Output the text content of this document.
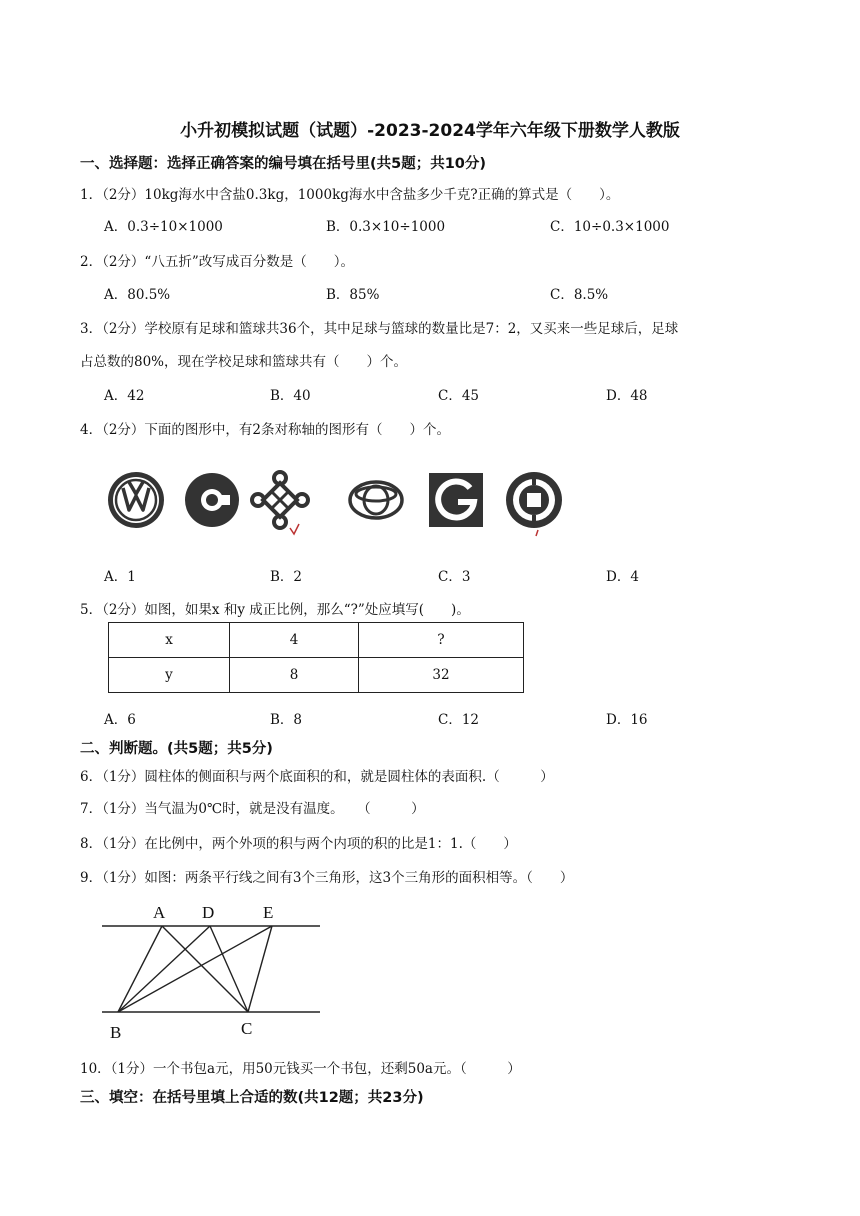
小升初模拟试题（试题）-2023-2024学年六年级下册数学人教版
一、选择题：选择正确答案的编号填在括号里(共5题；共10分)
1．（2分）10kg海水中含盐0.3kg，1000kg海水中含盐多少千克?正确的算式是（　　）。
A．0.3÷10×1000	B．0.3×10÷1000	C．10÷0.3×1000
2．（2分）“八五折”改写成百分数是（　　）。
A．80.5%	B．85%	C．8.5%
3．（2分）学校原有足球和篮球共36个，其中足球与篮球的数量比是7：2，又买来一些足球后，足球
占总数的80%，现在学校足球和篮球共有（　　）个。
A．42	B．40	C．45	D．48
4．（2分）下面的图形中，有2条对称轴的图形有（　　）个。
A．1	B．2	C．3	D．4
5．（2分）如图，如果x 和y 成正比例，那么“?”处应填写(　　)。
x	4	?
y	8	32
A．6	B．8	C．12	D．16
二、判断题。(共5题；共5分)
6．（1分）圆柱体的侧面积与两个底面积的和，就是圆柱体的表面积.（　　　）
7．（1分）当气温为0℃时，就是没有温度。　　（　　　）
8．（1分）在比例中，两个外项的积与两个内项的积的比是1：1.（　　）
9．（1分）如图：两条平行线之间有3个三角形，这3个三角形的面积相等。（　　）
A D	E
B	C
10．（1分）一个书包a元，用50元钱买一个书包，还剩50a元。（　　　）
三、填空：在括号里填上合适的数(共12题；共23分)
